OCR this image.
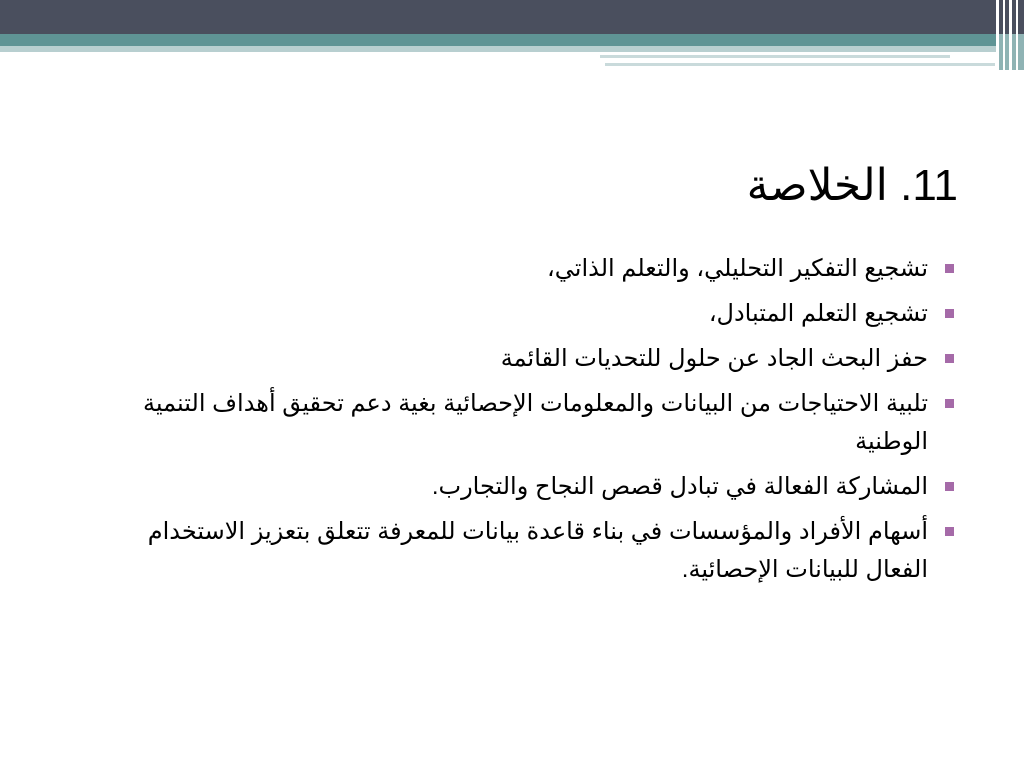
11. الخلاصة
تشجيع التفكير التحليلي، والتعلم الذاتي،
تشجيع التعلم المتبادل،
حفز البحث الجاد عن حلول للتحديات القائمة
تلبية الاحتياجات من البيانات والمعلومات الإحصائية بغية دعم تحقيق أهداف التنمية الوطنية
المشاركة الفعالة في تبادل قصص النجاح والتجارب.
أسهام الأفراد والمؤسسات في بناء قاعدة بيانات للمعرفة تتعلق بتعزيز الاستخدام الفعال للبيانات الإحصائية.
